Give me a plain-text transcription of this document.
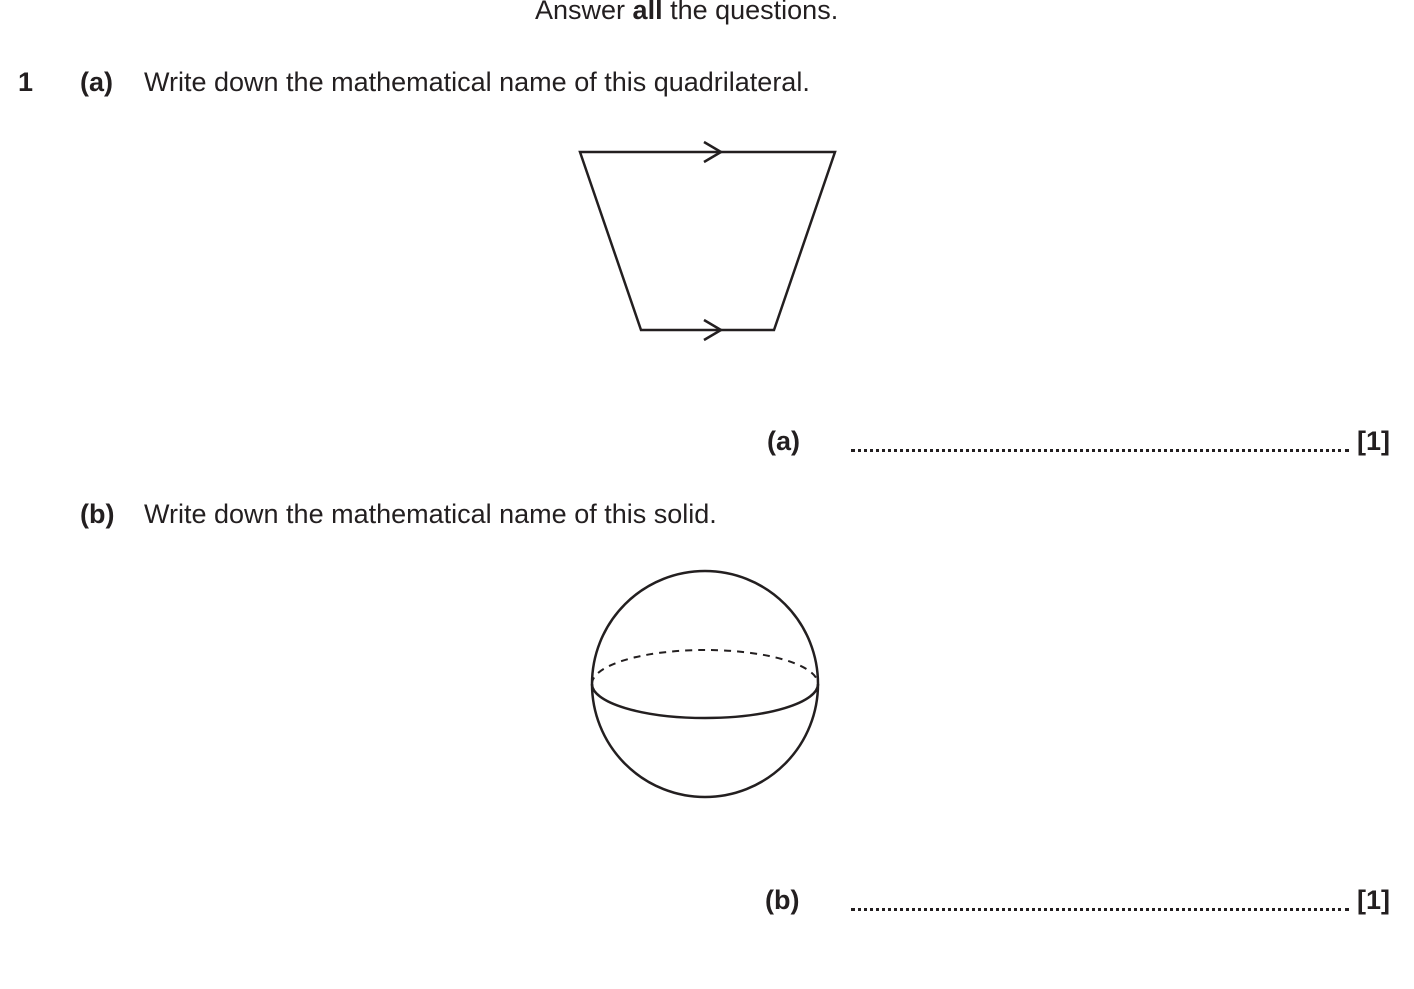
Answer all the questions.
1 (a) Write down the mathematical name of this quadrilateral.
(a)	[1]
(b) Write down the mathematical name of this solid.
(b)	[1]
